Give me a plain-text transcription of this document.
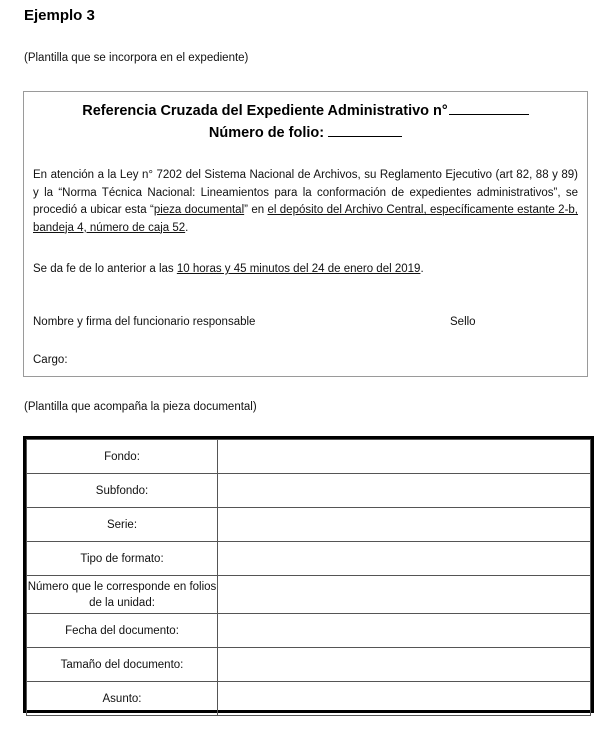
Ejemplo 3
(Plantilla que se incorpora en el expediente)
Referencia Cruzada del Expediente Administrativo n°
Número de folio:
En atención a la Ley n° 7202 del Sistema Nacional de Archivos, su Reglamento Ejecutivo (art 82, 88 y 89) y la “Norma Técnica Nacional: Lineamientos para la conformación de expedientes administrativos”, se procedió a ubicar esta “pieza documental” en el depósito del Archivo Central, específicamente estante 2-b, bandeja 4, número de caja 52.
Se da fe de lo anterior a las 10 horas y 45 minutos del 24 de enero del 2019.
Nombre y firma del funcionario responsable	Sello
Cargo:
(Plantilla que acompaña la pieza documental)
Fondo:	
Subfondo:	
Serie:	
Tipo de formato:	
Número que le corresponde en folios de la unidad:	
Fecha del documento:	
Tamaño del documento:	
Asunto:	
